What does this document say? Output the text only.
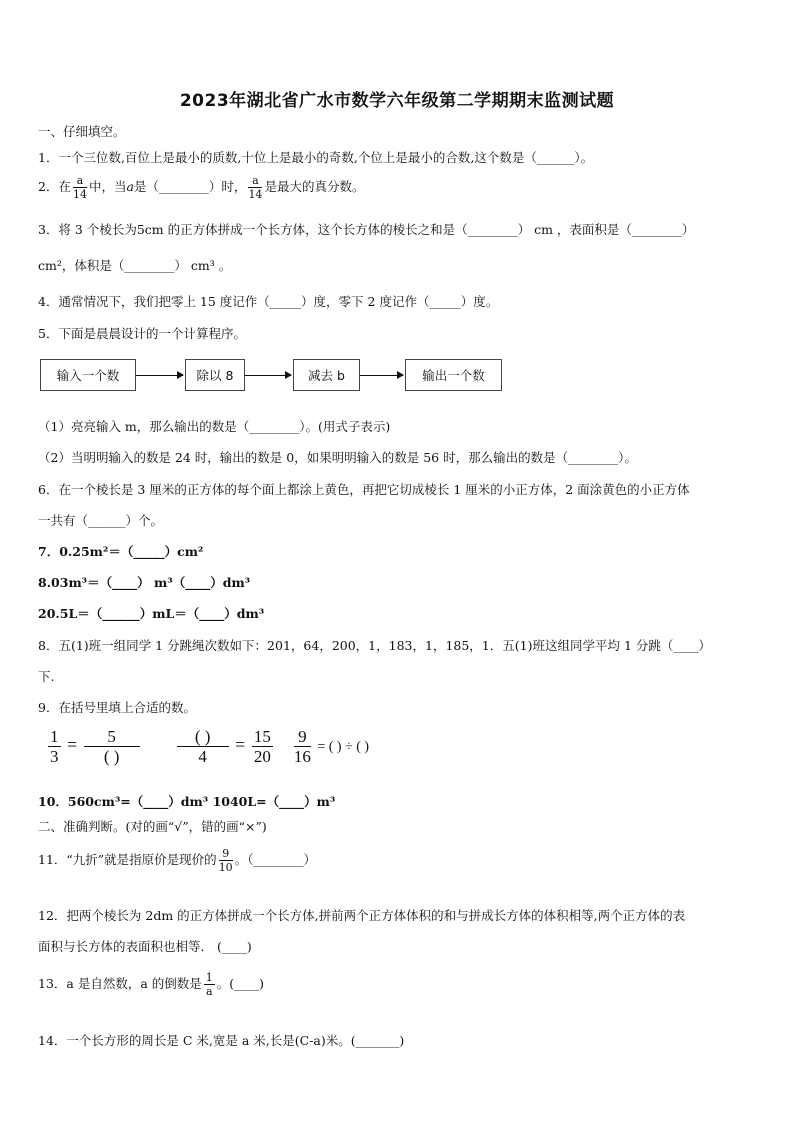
2023年湖北省广水市数学六年级第二学期期末监测试题
一、仔细填空。
1．一个三位数,百位上是最小的质数,十位上是最小的奇数,个位上是最小的合数,这个数是（______）。
2．在 $\frac{a}{14}$ 中，当a是（________）时， $\frac{a}{14}$ 是最大的真分数。
3．将 3 个棱长为5cm 的正方体拼成一个长方体，这个长方体的棱长之和是（________） cm ，表面积是（________）
cm²，体积是（________） cm³ 。
4．通常情况下，我们把零上 15 度记作（_____）度，零下 2 度记作（_____）度。
5．下面是晨晨设计的一个计算程序。
输入一个数	除以 8	减去 b	输出一个数
（1）亮亮输入 m，那么输出的数是（________）。(用式子表示)
（2）当明明输入的数是 24 时，输出的数是 0，如果明明输入的数是 56 时，那么输出的数是（________）。
6．在一个棱长是 3 厘米的正方体的每个面上都涂上黄色，再把它切成棱长 1 厘米的小正方体，2 面涂黄色的小正方体
一共有（______）个。
7．0.25m²＝（_____）cm²
8.03m³＝（____） m³（____）dm³
20.5L＝（______）mL＝（____）dm³
8．五(1)班一组同学 1 分跳绳次数如下：201，64，200，1，183，1，185，1．五(1)班这组同学平均 1 分跳（____）
下.
9．在括号里填上合适的数。
$\frac{1}{3} = \frac{5}{( )}$
$\frac{( )}{4} = \frac{15}{20}$
$\frac{9}{16}$ = ( ) ÷ ( )
10．560cm³=（____）dm³ 1040L=（____）m³
二、准确判断。(对的画“√”，错的画“×”)
11．“九折”就是指原价是现价的 $\frac{9}{10}$ 。（________）
12．把两个棱长为 2dm 的正方体拼成一个长方体,拼前两个正方体体积的和与拼成长方体的体积相等,两个正方体的表
面积与长方体的表面积也相等． (____)
13．a 是自然数，a 的倒数是 $\frac{1}{a}$ 。(____)
14．一个长方形的周长是 C 米,宽是 a 米,长是(C-a)米。(_______)
